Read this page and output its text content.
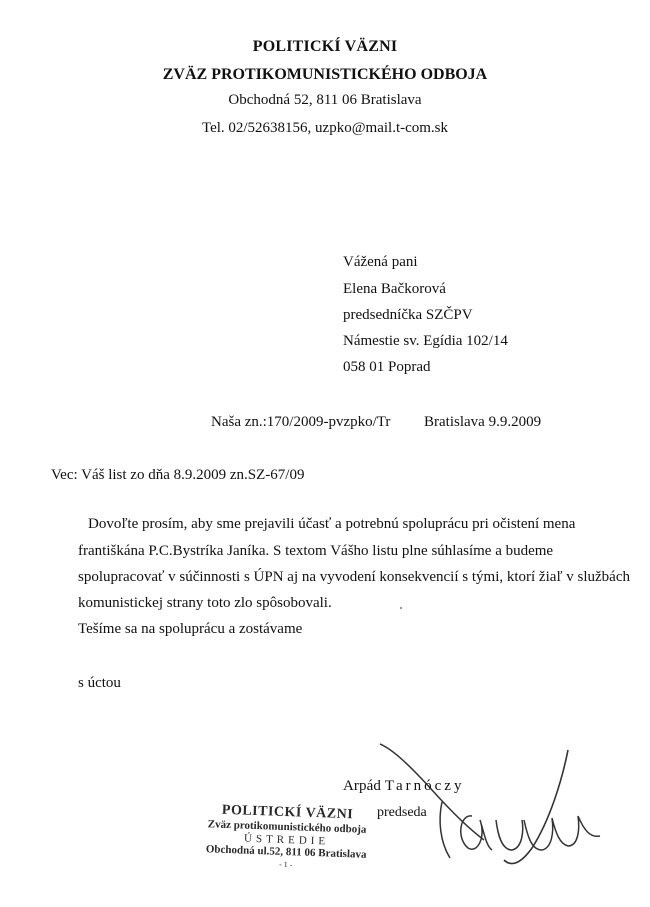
POLITICKÍ VÄZNI
ZVÄZ PROTIKOMUNISTICKÉHO ODBOJA
Obchodná 52, 811 06 Bratislava
Tel. 02/52638156, uzpko@mail.t-com.sk
Vážená pani
Elena Bačkorová
predsedníčka SZČPV
Námestie sv. Egídia 102/14
058 01 Poprad
Naša zn.:170/2009-pvzpko/Tr Bratislava 9.9.2009
Vec: Váš list zo dňa 8.9.2009 zn.SZ-67/09
Dovoľte prosím, aby sme prejavili účasť a potrebnú spoluprácu pri očistení mena
františkána P.C.Bystríka Janíka. S textom Vášho listu plne súhlasíme a budeme
spolupracovať v súčinnosti s ÚPN aj na vyvodení konsekvencií s tými, ktorí žiaľ v službách
komunistickej strany toto zlo spôsobovali.
Tešíme sa na spoluprácu a zostávame
s úctou
Arpád Tarnóczy
predseda
POLITICKÍ VÄZNI
Zväz protikomunistického odboja
ÚSTREDIE
Obchodná ul.52, 811 06 Bratislava
- 1 -
